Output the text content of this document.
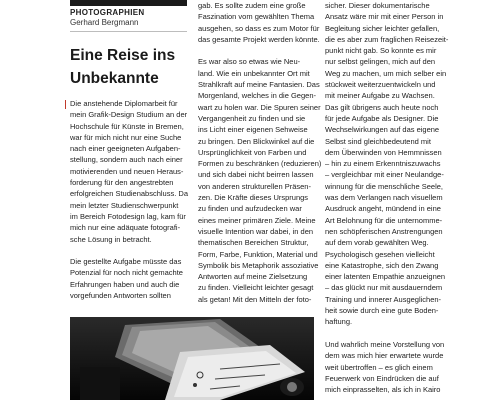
PHOTOGRAPHIEN
Gerhard Bergmann
Eine Reise ins
Unbekannte
Die anstehende Diplomarbeit für
mein Grafik-Design Studium an der
Hochschule für Künste in Bremen,
war für mich nicht nur eine Suche
nach einer geeigneten Aufgaben-
stellung, sondern auch nach einer
motivierenden und neuen Heraus-
forderung für den angestrebten
erfolgreichen Studienabschluss. Da
mein letzter Studienschwerpunkt
im Bereich Fotodesign lag, kam für
mich nur eine adäquate fotografi-
sche Lösung in betracht.
Die gestellte Aufgabe müsste das
Potenzial für noch nicht gemachte
Erfahrungen haben und auch die
vorgefunden Antworten sollten
gab. Es sollte zudem eine große
Faszination vom gewählten Thema
ausgehen, so dass es zum Motor für
das gesamte Projekt werden könnte.
Es war also so etwas wie Neu-
land. Wie ein unbekannter Ort mit
Strahlkraft auf meine Fantasien. Das
Morgenland, welches in die Gegen-
wart zu holen war. Die Spuren seiner
Vergangenheit zu finden und sie
ins Licht einer eigenen Sehweise
zu bringen. Den Blickwinkel auf die
Ursprünglichkeit von Farben und
Formen zu beschränken (reduzieren)
und sich dabei nicht beirren lassen
von anderen strukturellen Präsen-
zen. Die Kräfte dieses Ursprungs
zu finden und aufzudecken war
eines meiner primären Ziele. Meine
visuelle Intention war dabei, in den
thematischen Bereichen Struktur,
Form, Farbe, Funktion, Material und
Symbolik bis Metaphorik assoziative
Antworten auf meine Zielsetzung
zu finden. Vielleicht leichter gesagt
als getan! Mit den Mitteln der foto-
sicher. Dieser dokumentarische
Ansatz wäre mir mit einer Person in
Begleitung sicher leichter gefallen,
die es aber zum fraglichen Reisezeit-
punkt nicht gab. So konnte es mir
nur selbst gelingen, mich auf den
Weg zu machen, um mich selber ein
stückweit weiterzuentwickeln und
mit meiner Aufgabe zu Wachsen.
Das gilt übrigens auch heute noch
für jede Aufgabe als Designer. Die
Wechselwirkungen auf das eigene
Selbst sind gleichbedeutend mit
dem Überwinden von Hemmnissen
– hin zu einem Erkenntniszuwachs
– vergleichbar mit einer Neulandge-
winnung für die menschliche Seele,
was dem Verlangen nach visuellem
Ausdruck angeht, mündend in eine
Art Belohnung für die unternomme-
nen schöpferischen Anstrengungen
auf dem vorab gewählten Weg.
Psychologisch gesehen vielleicht
eine Katastrophe, sich den Zwang
einer latenten Empathie anzueignen
– das glückt nur mit ausdauerndem
Training und innerer Ausgeglichen-
heit sowie durch eine gute Boden-
haftung.
Und wahrlich meine Vorstellung von
dem was mich hier erwartete wurde
weit übertroffen – es glich einem
Feuerwerk von Eindrücken die auf
mich einprasselten, als ich in Kairo
